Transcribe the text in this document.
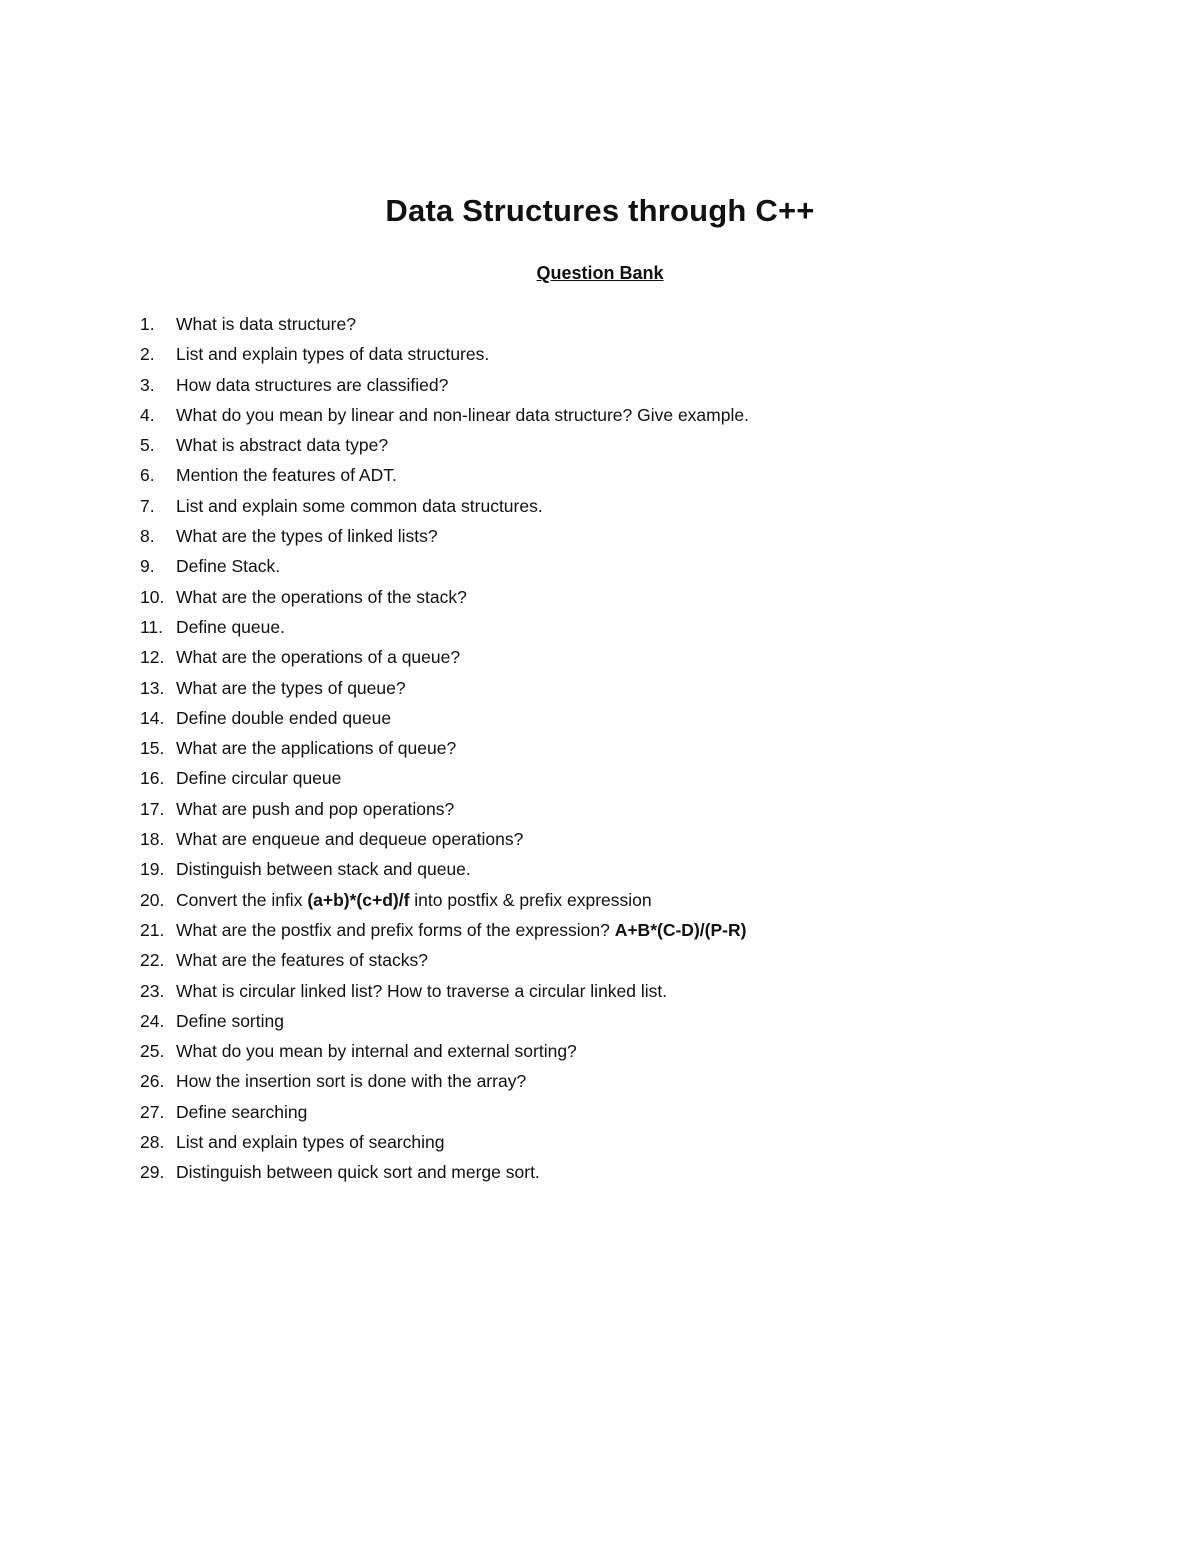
Data Structures through C++
Question Bank
1. What is data structure?
2. List and explain types of data structures.
3. How data structures are classified?
4. What do you mean by linear and non-linear data structure? Give example.
5. What is abstract data type?
6. Mention the features of ADT.
7. List and explain some common data structures.
8. What are the types of linked lists?
9. Define Stack.
10. What are the operations of the stack?
11. Define queue.
12. What are the operations of a queue?
13. What are the types of queue?
14. Define double ended queue
15. What are the applications of queue?
16. Define circular queue
17. What are push and pop operations?
18. What are enqueue and dequeue operations?
19. Distinguish between stack and queue.
20. Convert the infix (a+b)*(c+d)/f into postfix & prefix expression
21. What are the postfix and prefix forms of the expression? A+B*(C-D)/(P-R)
22. What are the features of stacks?
23. What is circular linked list? How to traverse a circular linked list.
24. Define sorting
25. What do you mean by internal and external sorting?
26. How the insertion sort is done with the array?
27. Define searching
28. List and explain types of searching
29. Distinguish between quick sort and merge sort.
